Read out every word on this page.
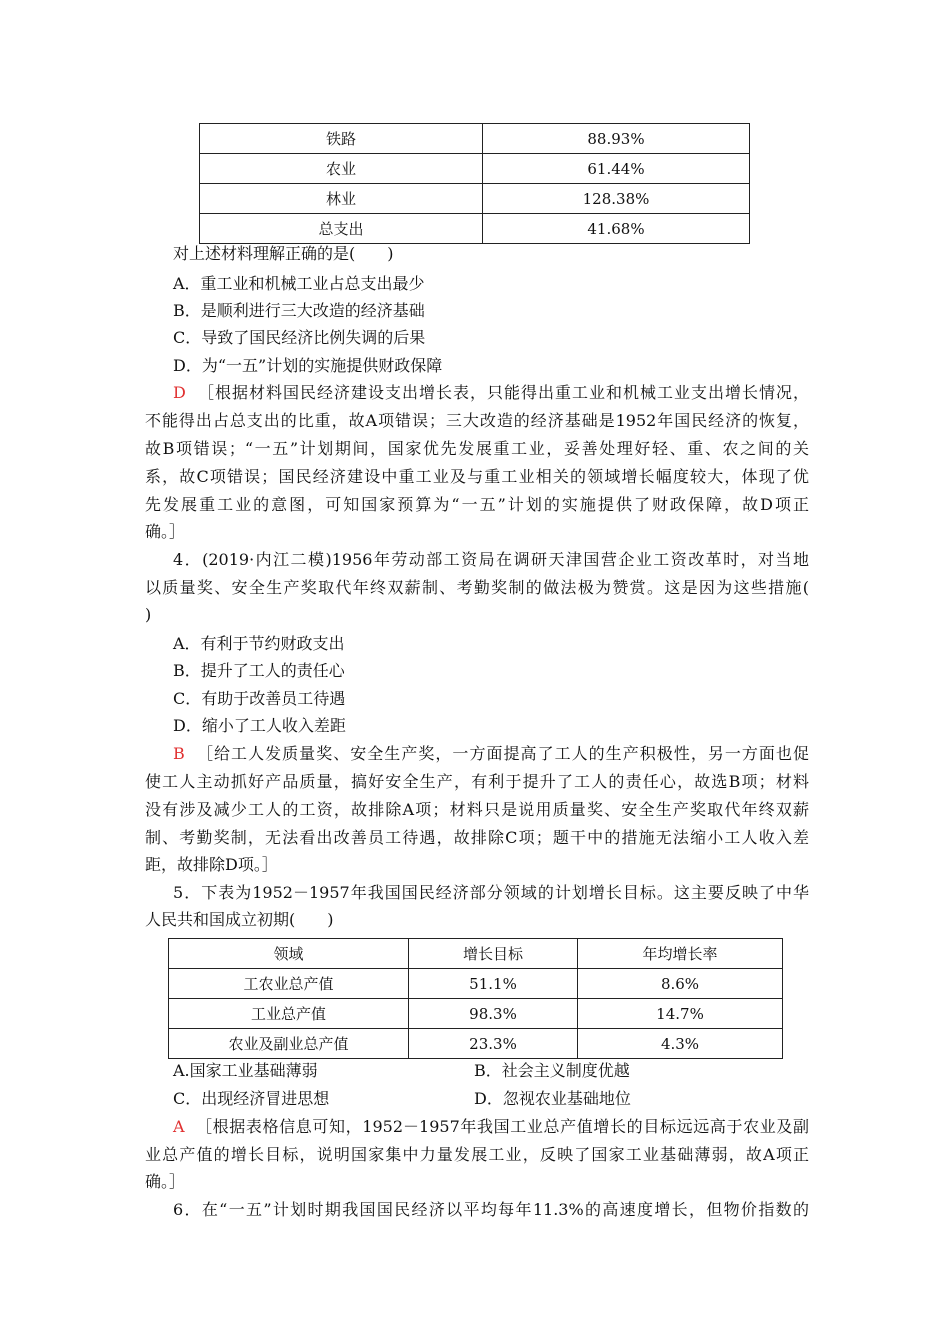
铁路	88.93%
农业	61.44%
林业	128.38%
总支出	41.68%
对上述材料理解正确的是(　　)
A．重工业和机械工业占总支出最少
B．是顺利进行三大改造的经济基础
C．导致了国民经济比例失调的后果
D．为“一五”计划的实施提供财政保障
D ［根据材料国民经济建设支出增长表，只能得出重工业和机械工业支出增长情况，
不能得出占总支出的比重，故A项错误；三大改造的经济基础是1952年国民经济的恢复，
故B项错误；“一五”计划期间，国家优先发展重工业，妥善处理好轻、重、农之间的关
系，故C项错误；国民经济建设中重工业及与重工业相关的领域增长幅度较大，体现了优
先发展重工业的意图，可知国家预算为“一五”计划的实施提供了财政保障，故D项正
确。］
4．(2019·内江二模)1956年劳动部工资局在调研天津国营企业工资改革时，对当地
以质量奖、安全生产奖取代年终双薪制、考勤奖制的做法极为赞赏。这是因为这些措施(
)
A．有利于节约财政支出
B．提升了工人的责任心
C．有助于改善员工待遇
D．缩小了工人收入差距
B ［给工人发质量奖、安全生产奖，一方面提高了工人的生产积极性，另一方面也促
使工人主动抓好产品质量，搞好安全生产，有利于提升了工人的责任心，故选B项；材料
没有涉及减少工人的工资，故排除A项；材料只是说用质量奖、安全生产奖取代年终双薪
制、考勤奖制，无法看出改善员工待遇，故排除C项；题干中的措施无法缩小工人收入差
距，故排除D项。］
5．下表为1952－1957年我国国民经济部分领域的计划增长目标。这主要反映了中华
人民共和国成立初期(　　)
领域	增长目标	年均增长率
工农业总产值	51.1%	8.6%
工业总产值	98.3%	14.7%
农业及副业总产值	23.3%	4.3%
A.国家工业基础薄弱	B．社会主义制度优越
C．出现经济冒进思想	D．忽视农业基础地位
A ［根据表格信息可知，1952－1957年我国工业总产值增长的目标远远高于农业及副
业总产值的增长目标，说明国家集中力量发展工业，反映了国家工业基础薄弱，故A项正
确。］
6．在“一五”计划时期我国国民经济以平均每年11.3%的高速度增长，但物价指数的
